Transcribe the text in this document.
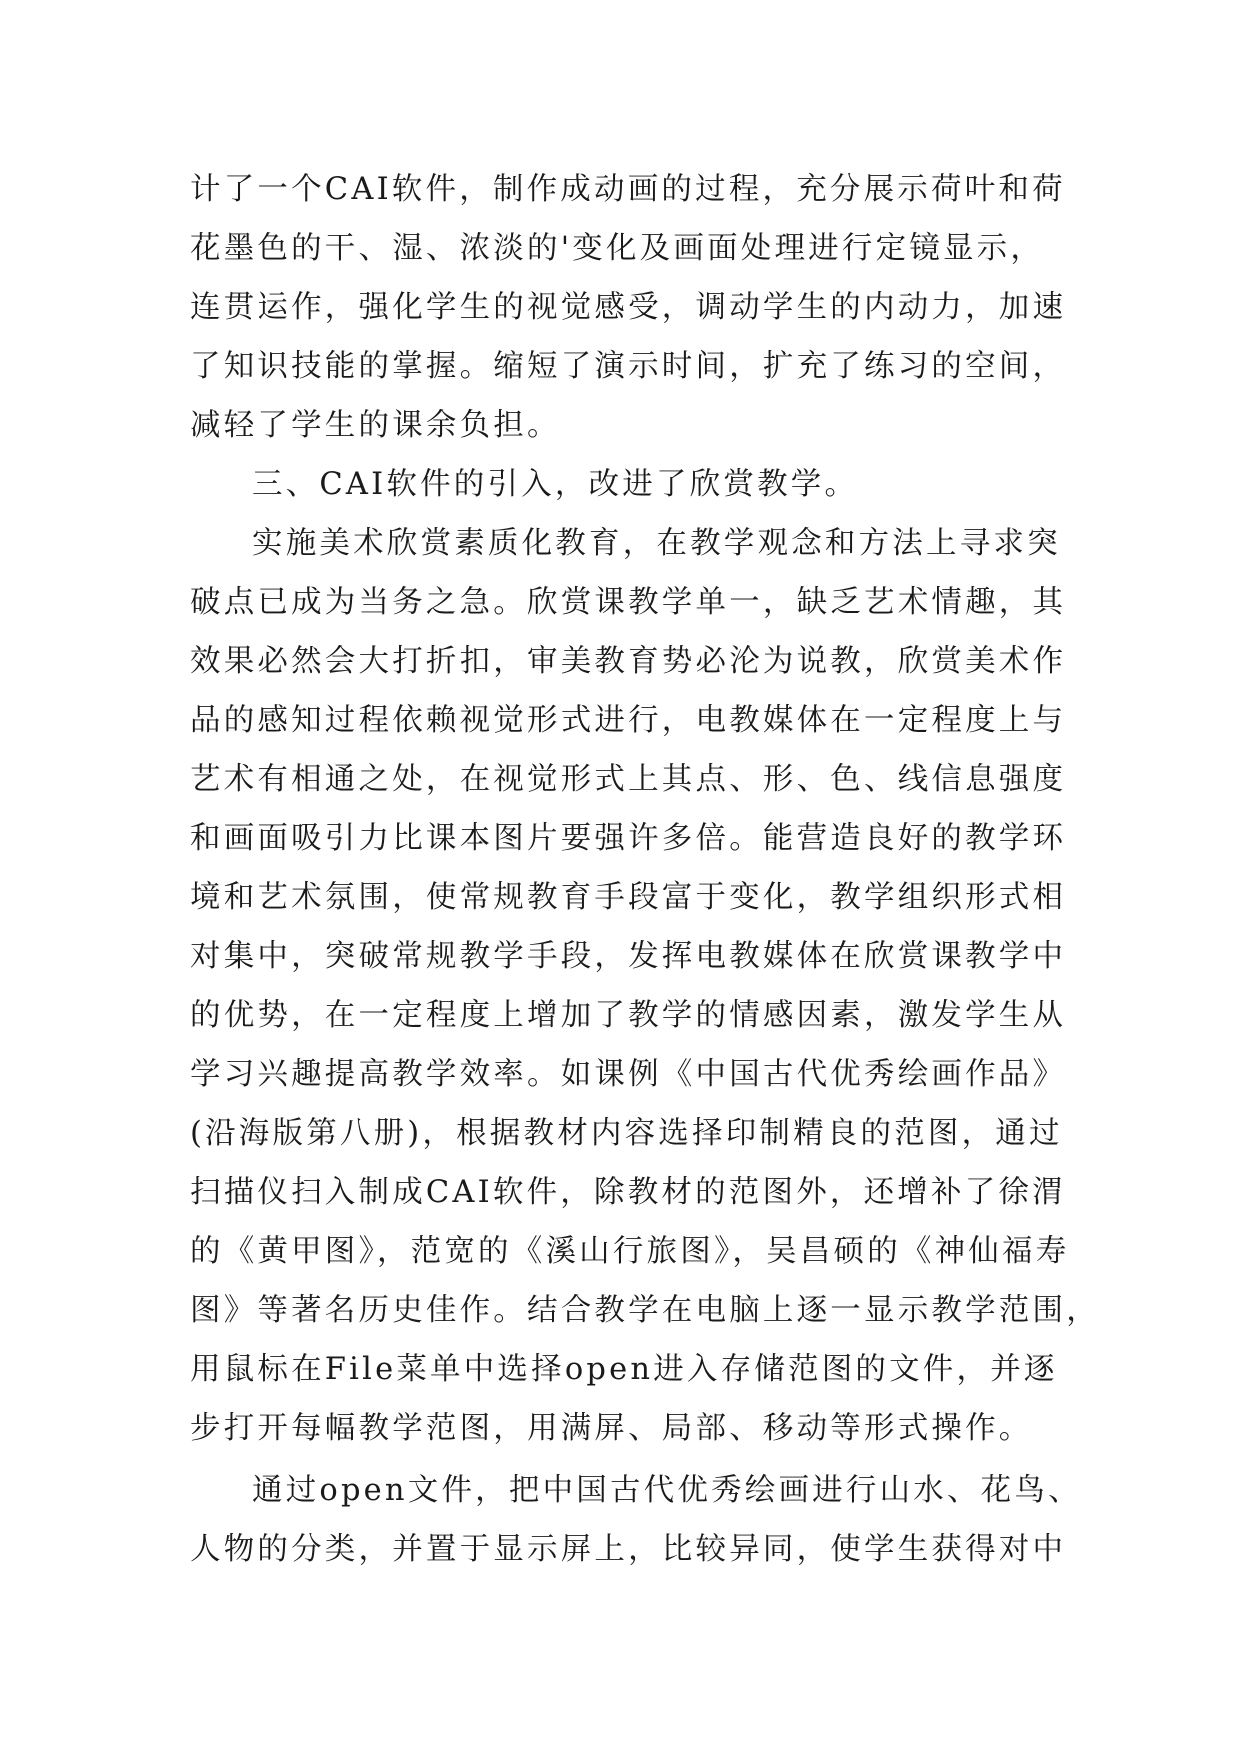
计了一个CAI软件，制作成动画的过程，充分展示荷叶和荷
花墨色的干、湿、浓淡的'变化及画面处理进行定镜显示，
连贯运作，强化学生的视觉感受，调动学生的内动力，加速
了知识技能的掌握。缩短了演示时间，扩充了练习的空间，
减轻了学生的课余负担。
三、CAI软件的引入，改进了欣赏教学。
实施美术欣赏素质化教育，在教学观念和方法上寻求突
破点已成为当务之急。欣赏课教学单一，缺乏艺术情趣，其
效果必然会大打折扣，审美教育势必沦为说教，欣赏美术作
品的感知过程依赖视觉形式进行，电教媒体在一定程度上与
艺术有相通之处，在视觉形式上其点、形、色、线信息强度
和画面吸引力比课本图片要强许多倍。能营造良好的教学环
境和艺术氛围，使常规教育手段富于变化，教学组织形式相
对集中，突破常规教学手段，发挥电教媒体在欣赏课教学中
的优势，在一定程度上增加了教学的情感因素，激发学生从
学习兴趣提高教学效率。如课例《中国古代优秀绘画作品》
(沿海版第八册)，根据教材内容选择印制精良的范图，通过
扫描仪扫入制成CAI软件，除教材的范图外，还增补了徐渭
的《黄甲图》，范宽的《溪山行旅图》，吴昌硕的《神仙福寿
图》等著名历史佳作。结合教学在电脑上逐一显示教学范围，
用鼠标在File菜单中选择open进入存储范图的文件，并逐
步打开每幅教学范图，用满屏、局部、移动等形式操作。
通过open文件，把中国古代优秀绘画进行山水、花鸟、
人物的分类，并置于显示屏上，比较异同，使学生获得对中
